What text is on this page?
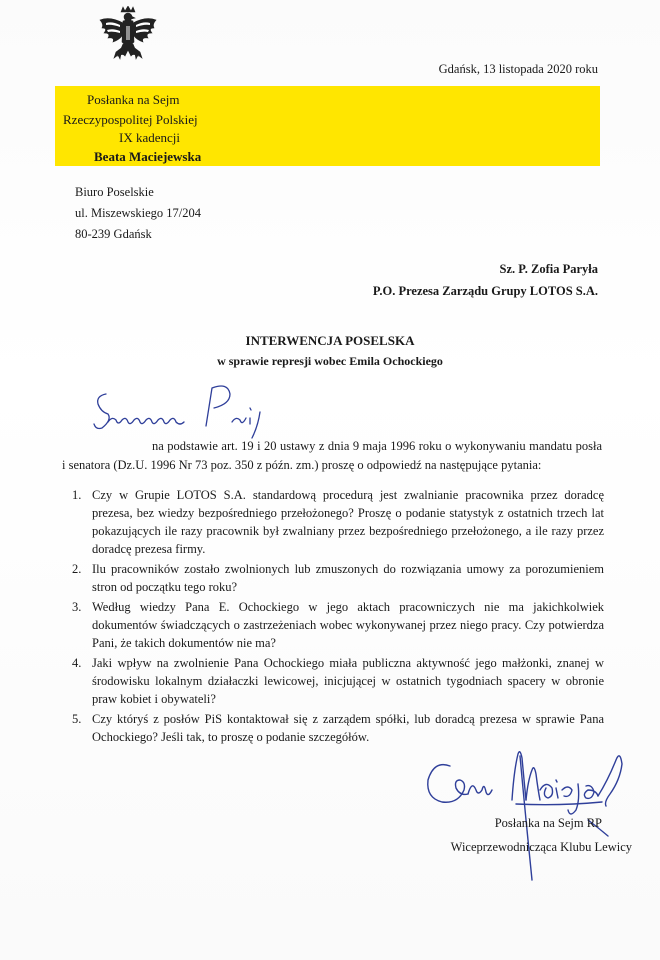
Gdańsk, 13 listopada 2020 roku
Posłanka na Sejm
Rzeczypospolitej Polskiej
IX kadencji
Beata Maciejewska
Biuro Poselskie
ul. Miszewskiego 17/204
80-239 Gdańsk
Sz. P. Zofia Paryła
P.O. Prezesa Zarządu Grupy LOTOS S.A.
INTERWENCJA POSELSKA
w sprawie represji wobec Emila Ochockiego
na podstawie art. 19 i 20 ustawy z dnia 9 maja 1996 roku o wykonywaniu mandatu posła i senatora (Dz.U. 1996 Nr 73 poz. 350 z późn. zm.) proszę o odpowiedź na następujące pytania:
1. Czy w Grupie LOTOS S.A. standardową procedurą jest zwalnianie pracownika przez doradcę prezesa, bez wiedzy bezpośredniego przełożonego? Proszę o podanie statystyk z ostatnich trzech lat pokazujących ile razy pracownik był zwalniany przez bezpośredniego przełożonego, a ile razy przez doradcę prezesa firmy.
2. Ilu pracowników zostało zwolnionych lub zmuszonych do rozwiązania umowy za porozumieniem stron od początku tego roku?
3. Według wiedzy Pana E. Ochockiego w jego aktach pracowniczych nie ma jakichkolwiek dokumentów świadczących o zastrzeżeniach wobec wykonywanej przez niego pracy. Czy potwierdza Pani, że takich dokumentów nie ma?
4. Jaki wpływ na zwolnienie Pana Ochockiego miała publiczna aktywność jego małżonki, znanej w środowisku lokalnym działaczki lewicowej, inicjującej w ostatnich tygodniach spacery w obronie praw kobiet i obywateli?
5. Czy któryś z posłów PiS kontaktował się z zarządem spółki, lub doradcą prezesa w sprawie Pana Ochockiego? Jeśli tak, to proszę o podanie szczegółów.
Posłanka na Sejm RP
Wiceprzewodnicząca Klubu Lewicy
